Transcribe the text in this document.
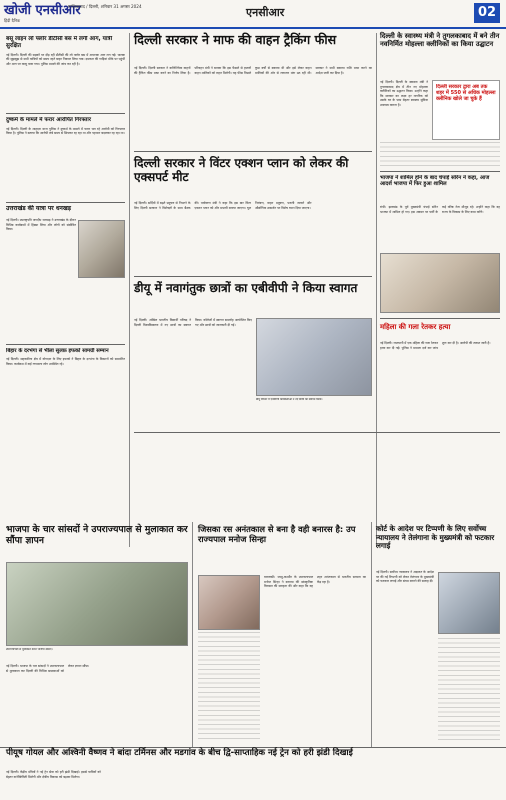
खोजी एनसीआर
हिंदी दैनिक
गाज़ियाबाद / दिल्ली, शनिवार 31 अगस्त 2024	एनसीआर	02
बसू लाइन लो फ्लोर डीटीसी बस में लगी आग, यात्री सुरक्षित
नई दिल्ली। दिल्ली की सड़कों पर दौड़ रही डीटीसी की लो फ्लोर बस में अचानक आग लग गई। चालक की सूझबूझ से सभी यात्रियों को समय रहते बाहर निकाल लिया गया। दमकल की गाड़ियां मौके पर पहुंचीं और आग पर काबू पाया गया। पुलिस मामले की जांच कर रही है।
दुष्कर्म के मामले में फरार आरोपित गिरफ्तार
नई दिल्ली। दिल्ली के शाहदरा थाना पुलिस ने दुष्कर्म के मामले में फरार चल रहे आरोपी को गिरफ्तार किया है। पुलिस ने बताया कि आरोपी लंबे समय से छिपकर रह रहा था और पहचान बदलकर रह रहा था।
उत्तराखंड की यात्रा पर धनखड़
नई दिल्ली। उपराष्ट्रपति जगदीप धनखड़ ने उत्तराखंड के दौरान विभिन्न कार्यक्रमों में हिस्सा लिया और लोगों को संबोधित किया।
बिहार के दरभंगा से भीला सुलफ़ इफको सामग्री सम्मान
नई दिल्ली। सहकारिता क्षेत्र में योगदान के लिए इफको ने बिहार के दरभंगा के किसानों को सम्मानित किया। कार्यक्रम में कई गणमान्य लोग उपस्थित रहे।
दिल्ली सरकार ने माफ की वाहन ट्रैकिंग फीस
नई दिल्ली। दिल्ली सरकार ने वाणिज्यिक वाहनों की ट्रैकिंग फीस माफ करने का निर्णय लिया है। परिवहन मंत्री ने बताया कि इस फैसले से हजारों वाहन मालिकों को राहत मिलेगी। यह फीस पिछले कुछ वर्षों से बकाया थी और इसे लेकर वाहन मालिकों की ओर से लगातार मांग उठ रही थी। सरकार ने सभी बकाया राशि माफ करने का आदेश जारी कर दिया है।
दिल्ली के स्वास्थ्य मंत्री ने तुगलकाबाद में बने तीन नवनिर्मित मोहल्ला क्लीनिकों का किया उद्घाटन
दिल्ली सरकार द्वारा अब तक शहर में 550 से अधिक मोहल्ला क्लीनिक खोले जा चुके हैं
नई दिल्ली। दिल्ली के स्वास्थ्य मंत्री ने तुगलकाबाद क्षेत्र में तीन नए मोहल्ला क्लीनिकों का उद्घाटन किया। उन्होंने कहा कि सरकार का लक्ष्य हर नागरिक को उसके घर के पास बेहतर स्वास्थ्य सुविधा उपलब्ध कराना है।
दिल्ली सरकार ने विंटर एक्शन प्लान को लेकर की एक्सपर्ट मीट
नई दिल्ली। सर्दियों में बढ़ते प्रदूषण से निपटने के लिए दिल्ली सरकार ने विशेषज्ञों के साथ बैठक की। पर्यावरण मंत्री ने कहा कि इस बार विंटर एक्शन प्लान को और प्रभावी बनाया जाएगा। धूल नियंत्रण, वाहन प्रदूषण, पराली जलाने और औद्योगिक उत्सर्जन पर विशेष ध्यान दिया जाएगा।
भाजपा ने शामिल होने के बाद चंपाई सोरेन ने कहा, आज आदर्श भाजपा में फिर हुआ शामिल
रांची। झारखंड के पूर्व मुख्यमंत्री चंपाई सोरेन भाजपा में शामिल हो गए। इस अवसर पर पार्टी के कई वरिष्ठ नेता मौजूद रहे। उन्होंने कहा कि वह राज्य के विकास के लिए काम करेंगे।
डीयू में नवागंतुक छात्रों का एबीवीपी ने किया स्वागत
नई दिल्ली। अखिल भारतीय विद्यार्थी परिषद ने दिल्ली विश्वविद्यालय में नए छात्रों का स्वागत किया। कॉलेजों में स्वागत समारोह आयोजित किए गए और छात्रों को जानकारी दी गई।
डीयू परिसर में एबीवीपी कार्यकर्ताओं ने नए छात्रों का स्वागत किया।
महिला की गला रेतकर हत्या
नई दिल्ली। राजधानी में एक महिला की गला रेतकर हत्या कर दी गई। पुलिस ने मामला दर्ज कर जांच शुरू कर दी है। आरोपी की तलाश जारी है।
भाजपा के चार सांसदों ने उपराज्यपाल से मुलाकात कर सौंपा ज्ञापन
उपराज्यपाल से मुलाकात करते भाजपा सांसद।
नई दिल्ली। भाजपा के चार सांसदों ने उपराज्यपाल से मुलाकात कर दिल्ली की विभिन्न समस्याओं को लेकर ज्ञापन सौंपा।
जिसका रस अनंतकाल से बना है वही बनारस है: उप राज्यपाल मनोज सिन्हा
वाराणसी। जम्मू-कश्मीर के उपराज्यपाल मनोज सिन्हा ने बनारस की सांस्कृतिक विरासत की सराहना की और कहा कि यह शहर अनंतकाल से भारतीय सभ्यता का केंद्र रहा है।
कोर्ट के आदेश पर टिप्पणी के लिए सर्वोच्च न्यायालय ने तेलंगाना के मुख्यमंत्री को फटकार लगाई
नई दिल्ली। सर्वोच्च न्यायालय ने अदालत के आदेश पर की गई टिप्पणी को लेकर तेलंगाना के मुख्यमंत्री को फटकार लगाई और संयम बरतने की सलाह दी।
पीयूष गोयल और अश्विनी वैष्णव ने बांदा टर्मिनस और मडगांव के बीच द्वि-साप्ताहिक नई ट्रेन को हरी झंडी दिखाई
नई दिल्ली। केंद्रीय मंत्रियों ने नई ट्रेन सेवा को हरी झंडी दिखाई। इससे यात्रियों को बेहतर कनेक्टिविटी मिलेगी और क्षेत्रीय विकास को बढ़ावा मिलेगा।
